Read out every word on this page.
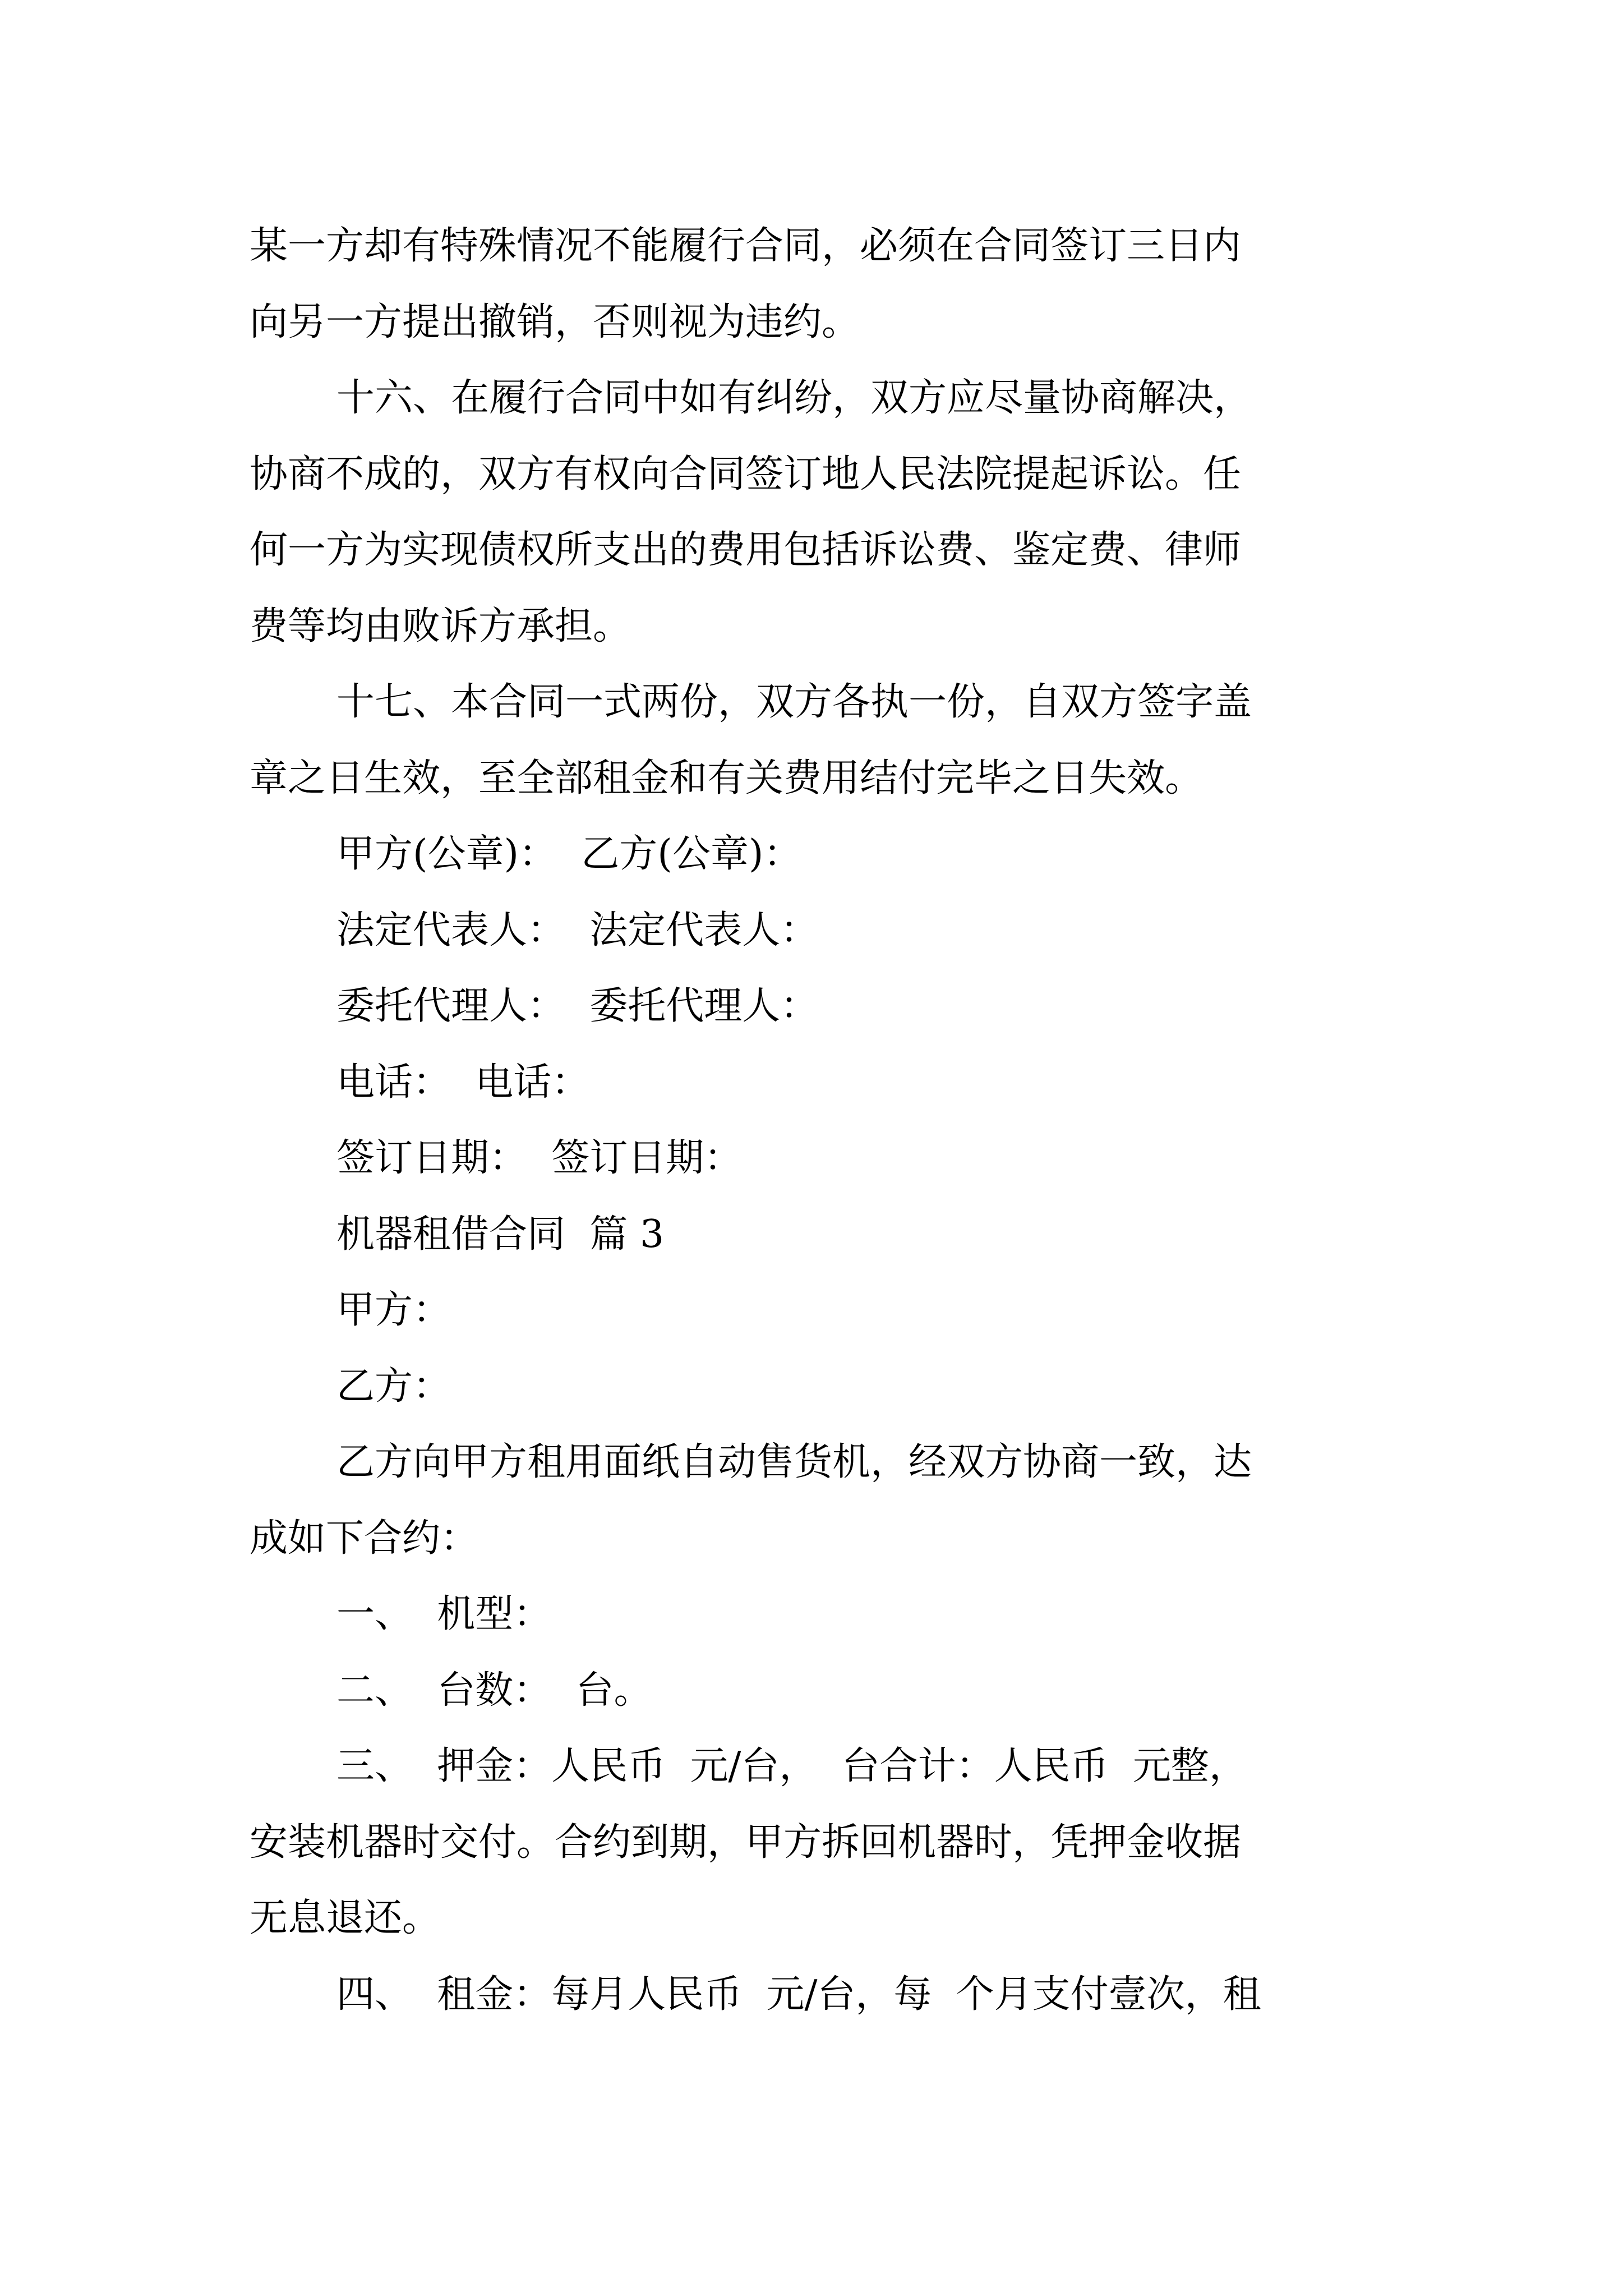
某一方却有特殊情况不能履行合同，必须在合同签订三日内
向另一方提出撤销，否则视为违约。
十六、在履行合同中如有纠纷，双方应尽量协商解决，
协商不成的，双方有权向合同签订地人民法院提起诉讼。任
何一方为实现债权所支出的费用包括诉讼费、鉴定费、律师
费等均由败诉方承担。
十七、本合同一式两份，双方各执一份，自双方签字盖
章之日生效，至全部租金和有关费用结付完毕之日失效。
甲方(公章)：  乙方(公章)：
法定代表人：  法定代表人：
委托代理人：  委托代理人：
电话：  电话：
签订日期：  签订日期：
机器租借合同  篇 3
甲方：
乙方：
乙方向甲方租用面纸自动售货机，经双方协商一致，达
成如下合约：
一、  机型：
二、  台数：  台。
三、  押金：人民币  元/台，  台合计：人民币  元整，
安装机器时交付。合约到期，甲方拆回机器时，凭押金收据
无息退还。
四、  租金：每月人民币  元/台，每  个月支付壹次，租
